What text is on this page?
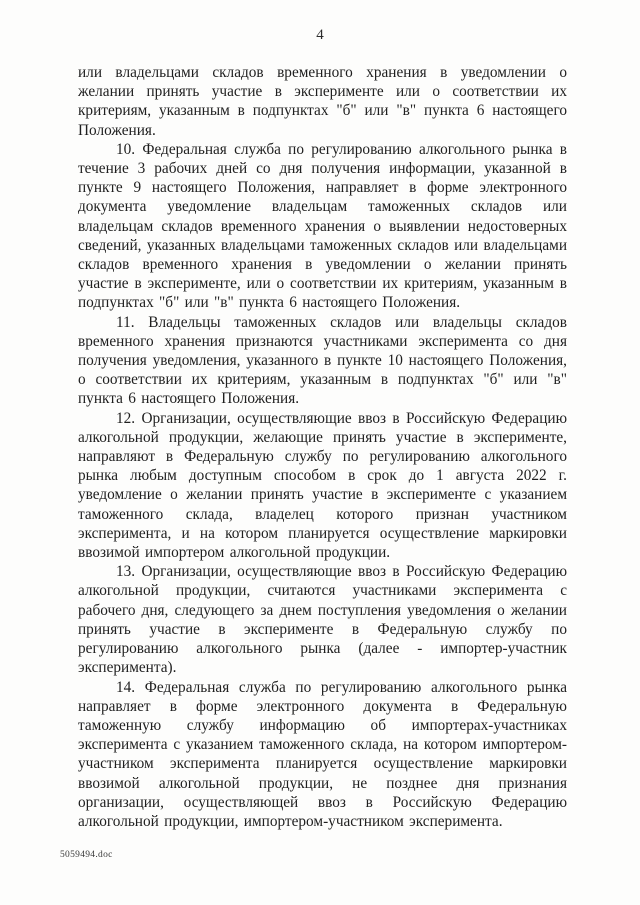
4

или владельцами складов временного хранения в уведомлении о желании принять участие в эксперименте или о соответствии их критериям, указанным в подпунктах "б" или "в" пункта 6 настоящего Положения.

10. Федеральная служба по регулированию алкогольного рынка в течение 3 рабочих дней со дня получения информации, указанной в пункте 9 настоящего Положения, направляет в форме электронного документа уведомление владельцам таможенных складов или владельцам складов временного хранения о выявлении недостоверных сведений, указанных владельцами таможенных складов или владельцами складов временного хранения в уведомлении о желании принять участие в эксперименте, или о соответствии их критериям, указанным в подпунктах "б" или "в" пункта 6 настоящего Положения.

11. Владельцы таможенных складов или владельцы складов временного хранения признаются участниками эксперимента со дня получения уведомления, указанного в пункте 10 настоящего Положения, о соответствии их критериям, указанным в подпунктах "б" или "в" пункта 6 настоящего Положения.

12. Организации, осуществляющие ввоз в Российскую Федерацию алкогольной продукции, желающие принять участие в эксперименте, направляют в Федеральную службу по регулированию алкогольного рынка любым доступным способом в срок до 1 августа 2022 г. уведомление о желании принять участие в эксперименте с указанием таможенного склада, владелец которого признан участником эксперимента, и на котором планируется осуществление маркировки ввозимой импортером алкогольной продукции.

13. Организации, осуществляющие ввоз в Российскую Федерацию алкогольной продукции, считаются участниками эксперимента с рабочего дня, следующего за днем поступления уведомления о желании принять участие в эксперименте в Федеральную службу по регулированию алкогольного рынка (далее - импортер-участник эксперимента).

14. Федеральная служба по регулированию алкогольного рынка направляет в форме электронного документа в Федеральную таможенную службу информацию об импортерах-участниках эксперимента с указанием таможенного склада, на котором импортером-участником эксперимента планируется осуществление маркировки ввозимой алкогольной продукции, не позднее дня признания организации, осуществляющей ввоз в Российскую Федерацию алкогольной продукции, импортером-участником эксперимента.

5059494.doc
